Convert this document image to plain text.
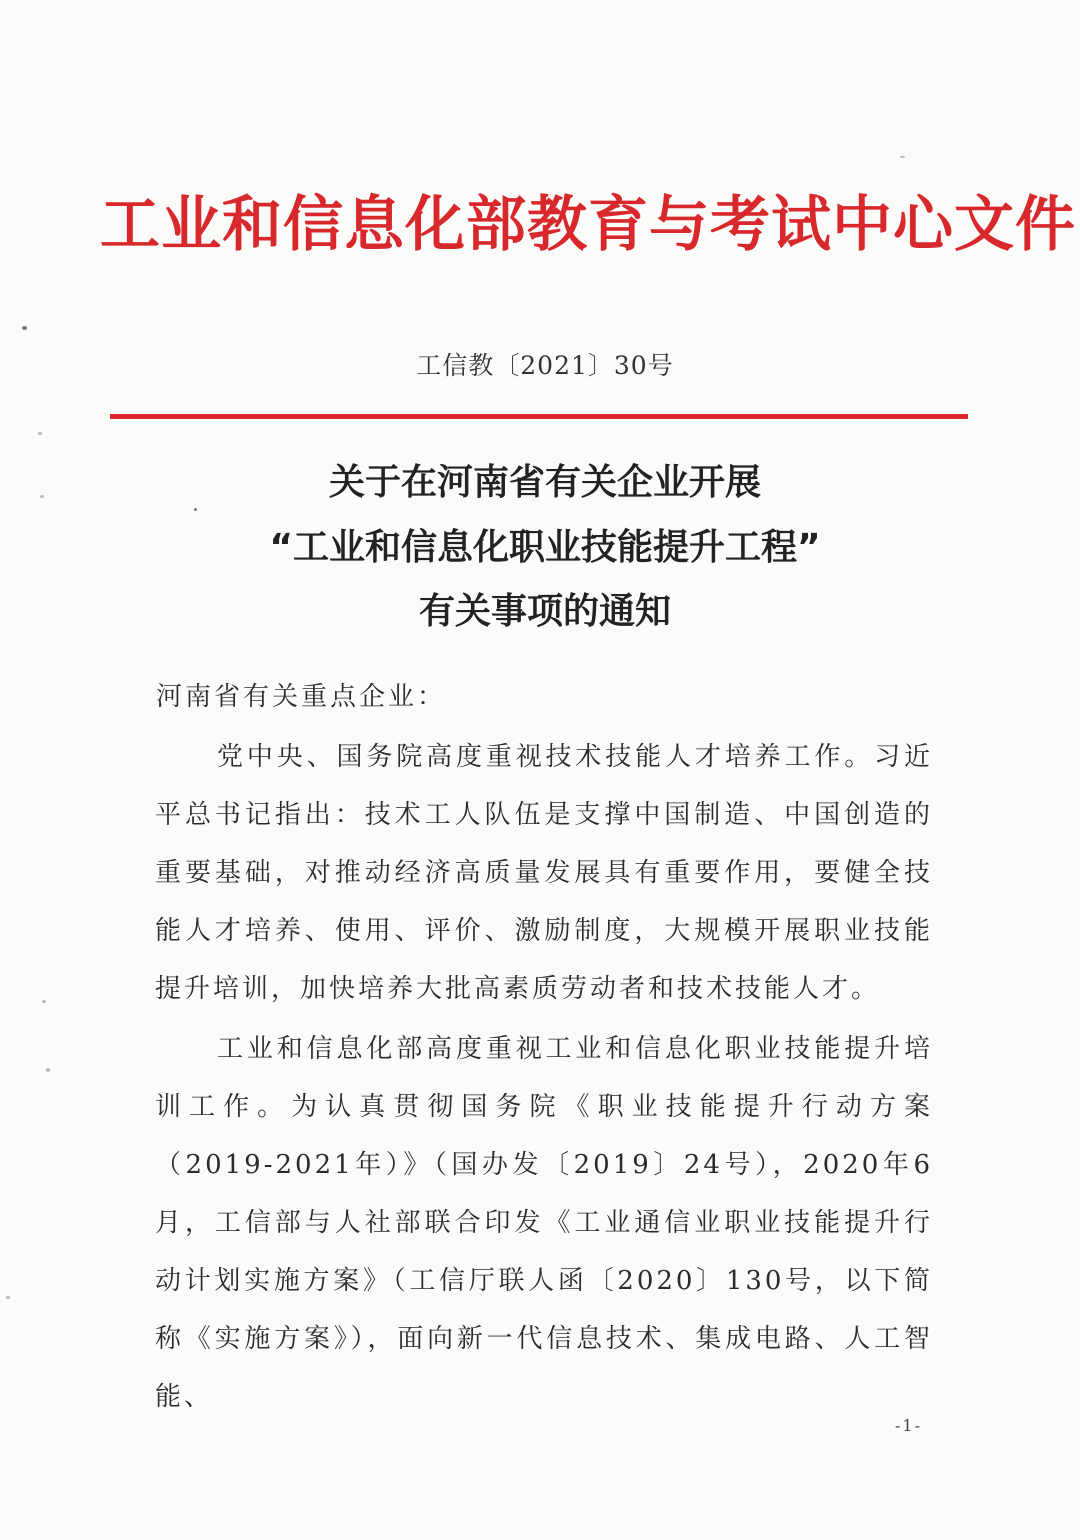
工业和信息化部教育与考试中心文件
工信教〔2021〕30号
关于在河南省有关企业开展
“工业和信息化职业技能提升工程”
有关事项的通知
河南省有关重点企业：

党中央、国务院高度重视技术技能人才培养工作。习近平总书记指出：技术工人队伍是支撑中国制造、中国创造的重要基础，对推动经济高质量发展具有重要作用，要健全技能人才培养、使用、评价、激励制度，大规模开展职业技能提升培训，加快培养大批高素质劳动者和技术技能人才。

工业和信息化部高度重视工业和信息化职业技能提升培训工作。为认真贯彻国务院《职业技能提升行动方案（2019-2021年）》（国办发〔2019〕24号），2020年6月，工信部与人社部联合印发《工业通信业职业技能提升行动计划实施方案》（工信厅联人函〔2020〕130号，以下简称《实施方案》），面向新一代信息技术、集成电路、人工智能、

-1-
